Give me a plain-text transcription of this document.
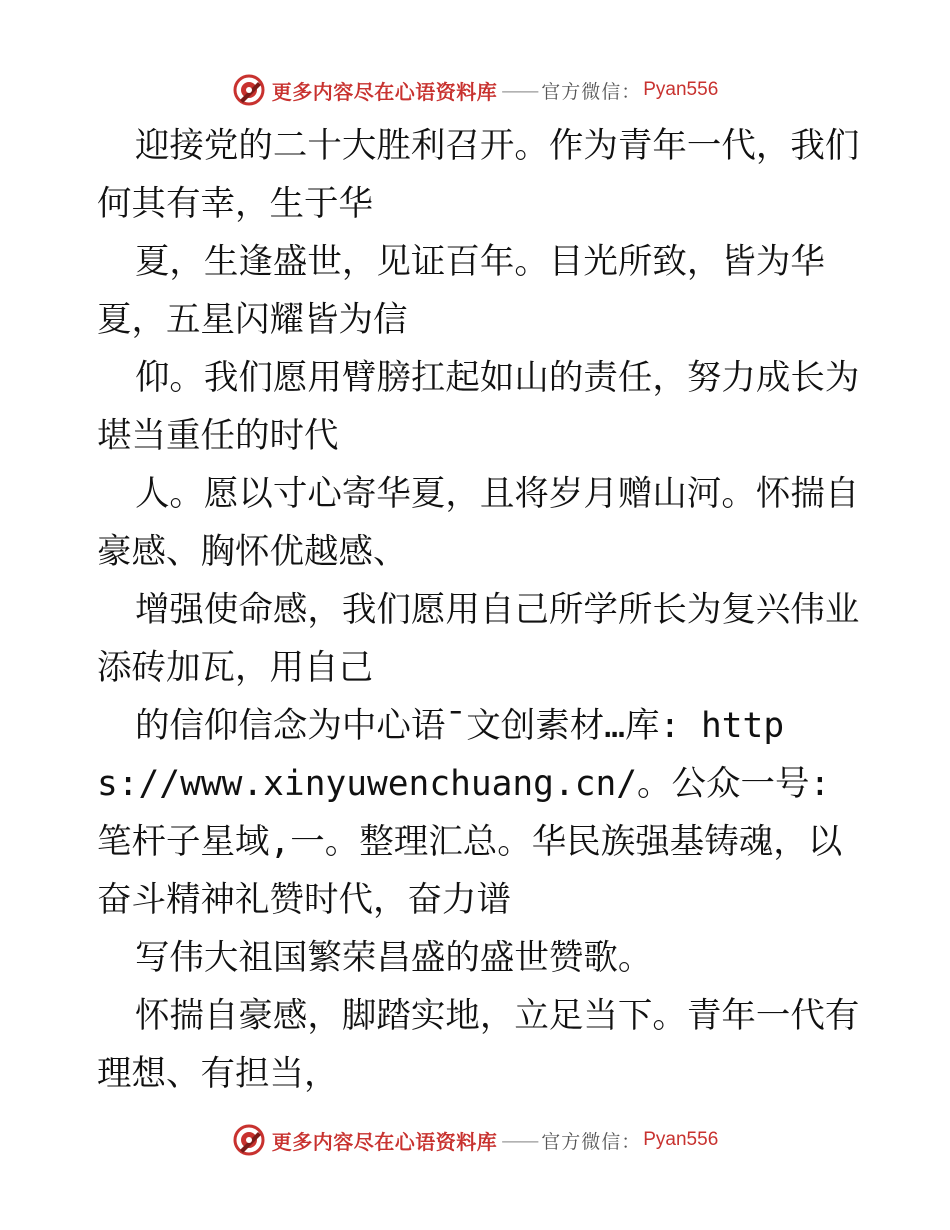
更多内容尽在心语资料库 —— 官方微信： Pyan556

迎接党的二十大胜利召开。作为青年一代，我们何其有幸，生于华

夏，生逢盛世，见证百年。目光所致，皆为华夏，五星闪耀皆为信

仰。我们愿用臂膀扛起如山的责任，努力成长为堪当重任的时代

人。愿以寸心寄华夏，且将岁月赠山河。怀揣自豪感、胸怀优越感、

增强使命感，我们愿用自己所学所长为复兴伟业添砖加瓦，用自己

的信仰信念为中心语¯文创素材…库: https://www.xinyuwenchuang.cn/。公众一号: 笔杆子星域,一。整理汇总。华民族强基铸魂，以奋斗精神礼赞时代，奋力谱

写伟大祖国繁荣昌盛的盛世赞歌。

怀揣自豪感，脚踏实地，立足当下。青年一代有理想、有担当，

更多内容尽在心语资料库 —— 官方微信： Pyan556
